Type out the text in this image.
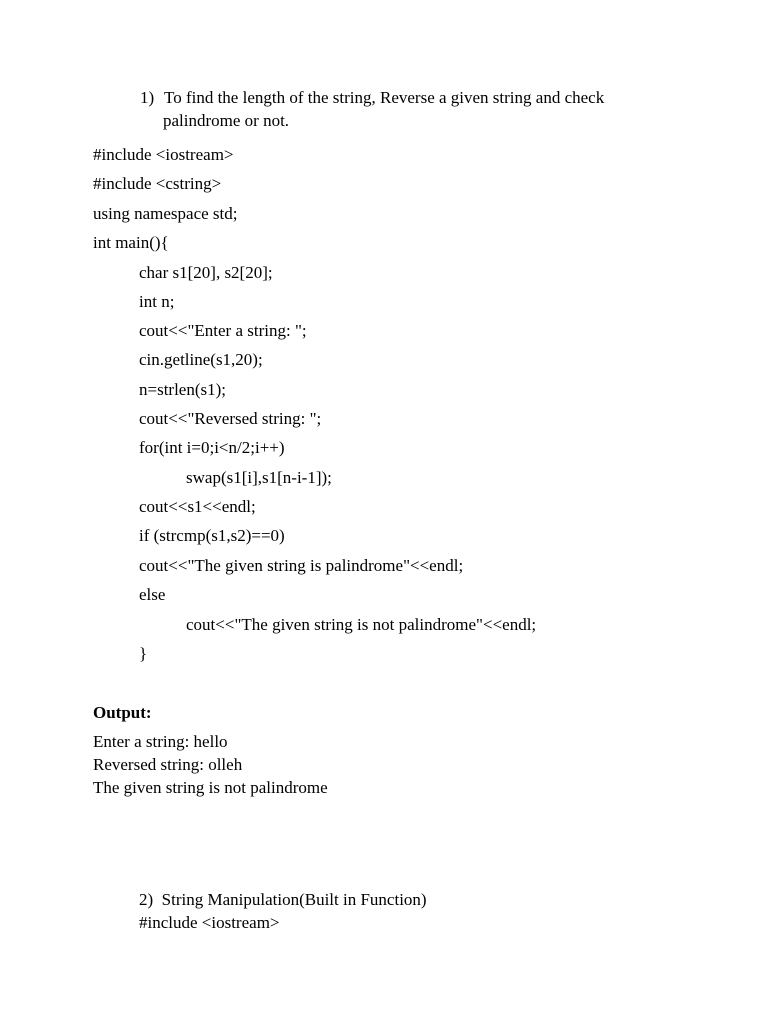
1) To find the length of the string, Reverse a given string and check
palindrome or not.
#include <iostream>
#include <cstring>
using namespace std;
int main(){
char s1[20], s2[20];
int n;
cout<<"Enter a string: ";
cin.getline(s1,20);
n=strlen(s1);
cout<<"Reversed string: ";
for(int i=0;i<n/2;i++)
swap(s1[i],s1[n-i-1]);
cout<<s1<<endl;
if (strcmp(s1,s2)==0)
cout<<"The given string is palindrome"<<endl;
else
cout<<"The given string is not palindrome"<<endl;
}
Output:
Enter a string: hello
Reversed string: olleh
The given string is not palindrome
2)  String Manipulation(Built in Function)
#include <iostream>
